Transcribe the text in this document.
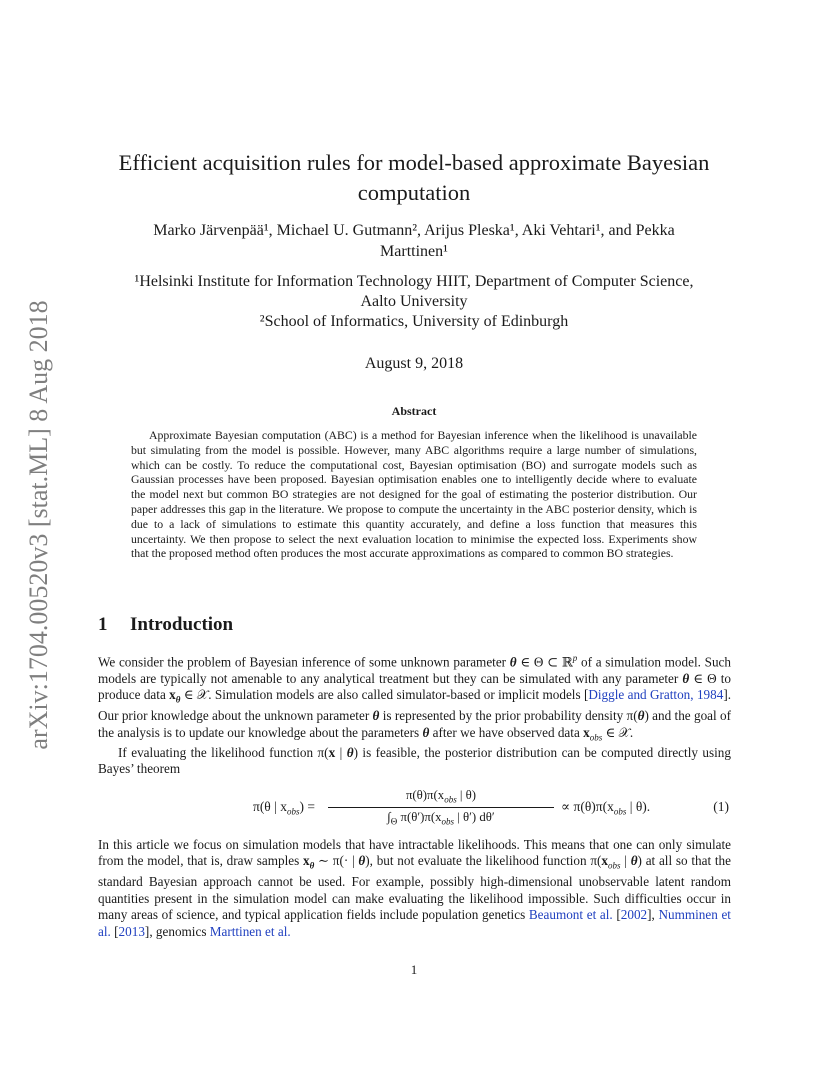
arXiv:1704.00520v3 [stat.ML] 8 Aug 2018
Efficient acquisition rules for model-based approximate Bayesian
computation
Marko Järvenpää¹, Michael U. Gutmann², Arijus Pleska¹, Aki Vehtari¹, and Pekka
Marttinen¹
¹Helsinki Institute for Information Technology HIIT, Department of Computer Science,
Aalto University
²School of Informatics, University of Edinburgh
August 9, 2018
Abstract

Approximate Bayesian computation (ABC) is a method for Bayesian inference when the likelihood is unavailable but simulating from the model is possible. However, many ABC algorithms require a large number of simulations, which can be costly. To reduce the computational cost, Bayesian optimisation (BO) and surrogate models such as Gaussian processes have been proposed. Bayesian optimisation enables one to intelligently decide where to evaluate the model next but common BO strategies are not designed for the goal of estimating the posterior distribution. Our paper addresses this gap in the literature. We propose to compute the uncertainty in the ABC posterior density, which is due to a lack of simulations to estimate this quantity accurately, and define a loss function that measures this uncertainty. We then propose to select the next evaluation location to minimise the expected loss. Experiments show that the proposed method often produces the most accurate approximations as compared to common BO strategies.

1 Introduction

We consider the problem of Bayesian inference of some unknown parameter θ ∈ Θ ⊂ ℝ$^p$ of a simulation model. Such models are typically not amenable to any analytical treatment but they can be simulated with any parameter θ ∈ Θ to produce data $x_\theta$ ∈ 𝒳. Simulation models are also called simulator-based or implicit models [Diggle and Gratton, 1984]. Our prior knowledge about the unknown parameter θ is represented by the prior probability density π(θ) and the goal of the analysis is to update our knowledge about the parameters θ after we have observed data $x_{obs}$ ∈ 𝒳.

If evaluating the likelihood function π(x | θ) is feasible, the posterior distribution can be computed directly using Bayes’ theorem

π(θ | $x_{obs}$) =
$\pi(\theta)\pi(x_{obs}$ | θ)
$\int_\Theta$ $\pi(\theta')\pi(x_{obs}$ | θ′) dθ′
∝ $\pi(\theta)\pi(x_{obs}$ | θ).	(1)

In this article we focus on simulation models that have intractable likelihoods. This means that one can only simulate from the model, that is, draw samples $x_\theta$ ∼ π(· | θ), but not evaluate the likelihood function $\pi(x_{obs}$ | θ) at all so that the standard Bayesian approach cannot be used. For example, possibly high-dimensional unobservable latent random quantities present in the simulation model can make evaluating the likelihood impossible. Such difficulties occur in many areas of science, and typical application fields include population genetics Beaumont et al. [2002], Numminen et al. [2013], genomics Marttinen et al.

1
